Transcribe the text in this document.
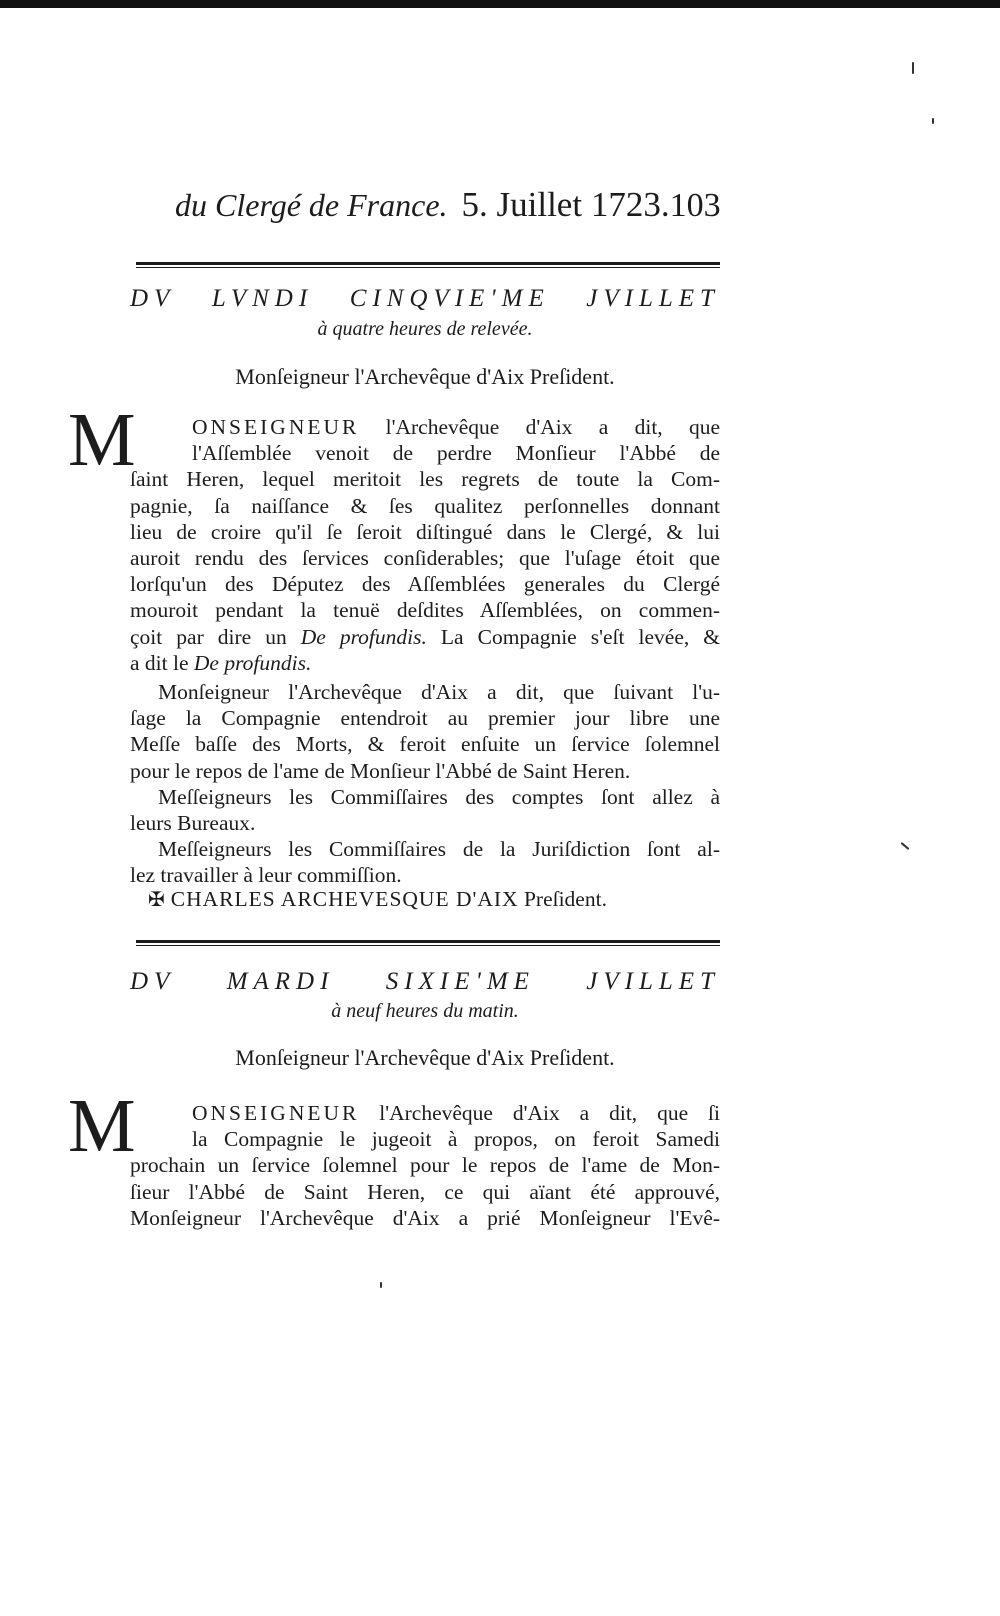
du Clergé de France. 5. Juillet 1723. 103
DV LVNDI CINQVIE'ME JVILLET
à quatre heures de relevée.
Monſeigneur l'Archevêque d'Aix Preſident.
M	ONSEIGNEUR l'Archevêque d'Aix a dit, que
l'Aſſemblée venoit de perdre Monſieur l'Abbé de
ſaint Heren, lequel meritoit les regrets de toute la Com-
pagnie, ſa naiſſance & ſes qualitez perſonnelles donnant
lieu de croire qu'il ſe ſeroit diſtingué dans le Clergé, & lui
auroit rendu des ſervices conſiderables; que l'uſage étoit que
lorſqu'un des Députez des Aſſemblées generales du Clergé
mouroit pendant la tenuë deſdites Aſſemblées, on commen-
çoit par dire un De profundis. La Compagnie s'eſt levée, &
a dit le De profundis.
Monſeigneur l'Archevêque d'Aix a dit, que ſuivant l'u-
ſage la Compagnie entendroit au premier jour libre une
Meſſe baſſe des Morts, & feroit enſuite un ſervice ſolemnel
pour le repos de l'ame de Monſieur l'Abbé de Saint Heren.
Meſſeigneurs les Commiſſaires des comptes ſont allez à
leurs Bureaux.
Meſſeigneurs les Commiſſaires de la Juriſdiction ſont al-
lez travailler à leur commiſſion.
✠ CHARLES ARCHEVESQUE D'AIX Preſident.
DV MARDI SIXIE'ME JVILLET
à neuf heures du matin.
Monſeigneur l'Archevêque d'Aix Preſident.
M	ONSEIGNEUR l'Archevêque d'Aix a dit, que ſi
la Compagnie le jugeoit à propos, on feroit Samedi
prochain un ſervice ſolemnel pour le repos de l'ame de Mon-
ſieur l'Abbé de Saint Heren, ce qui aïant été approuvé,
Monſeigneur l'Archevêque d'Aix a prié Monſeigneur l'Evê-
